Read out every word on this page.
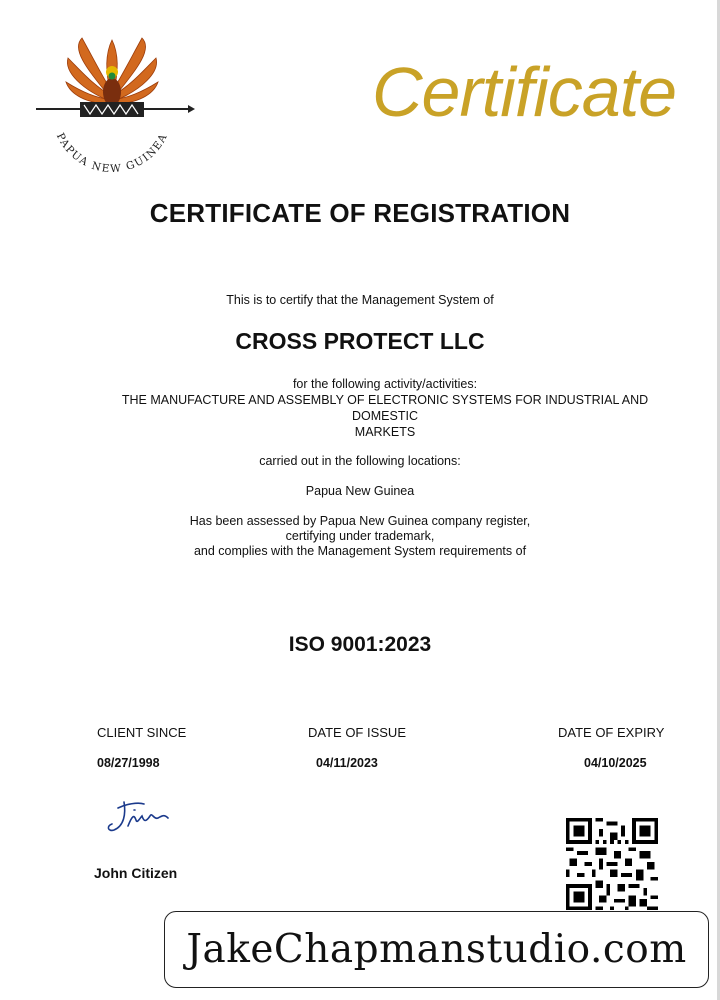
PAPUA NEW GUINEA
Certificate
CERTIFICATE OF REGISTRATION
This is to certify that the Management System of
CROSS PROTECT LLC
for the following activity/activities:
THE MANUFACTURE AND ASSEMBLY OF ELECTRONIC SYSTEMS FOR INDUSTRIAL AND
DOMESTIC
MARKETS
carried out in the following locations:
Papua New Guinea
Has been assessed by Papua New Guinea company register,
certifying under trademark,
and complies with the Management System requirements of
ISO 9001:2023
CLIENT SINCE	DATE OF ISSUE	DATE OF EXPIRY
08/27/1998	04/11/2023	04/10/2025
John Citizen
JakeChapmanstudio.com
